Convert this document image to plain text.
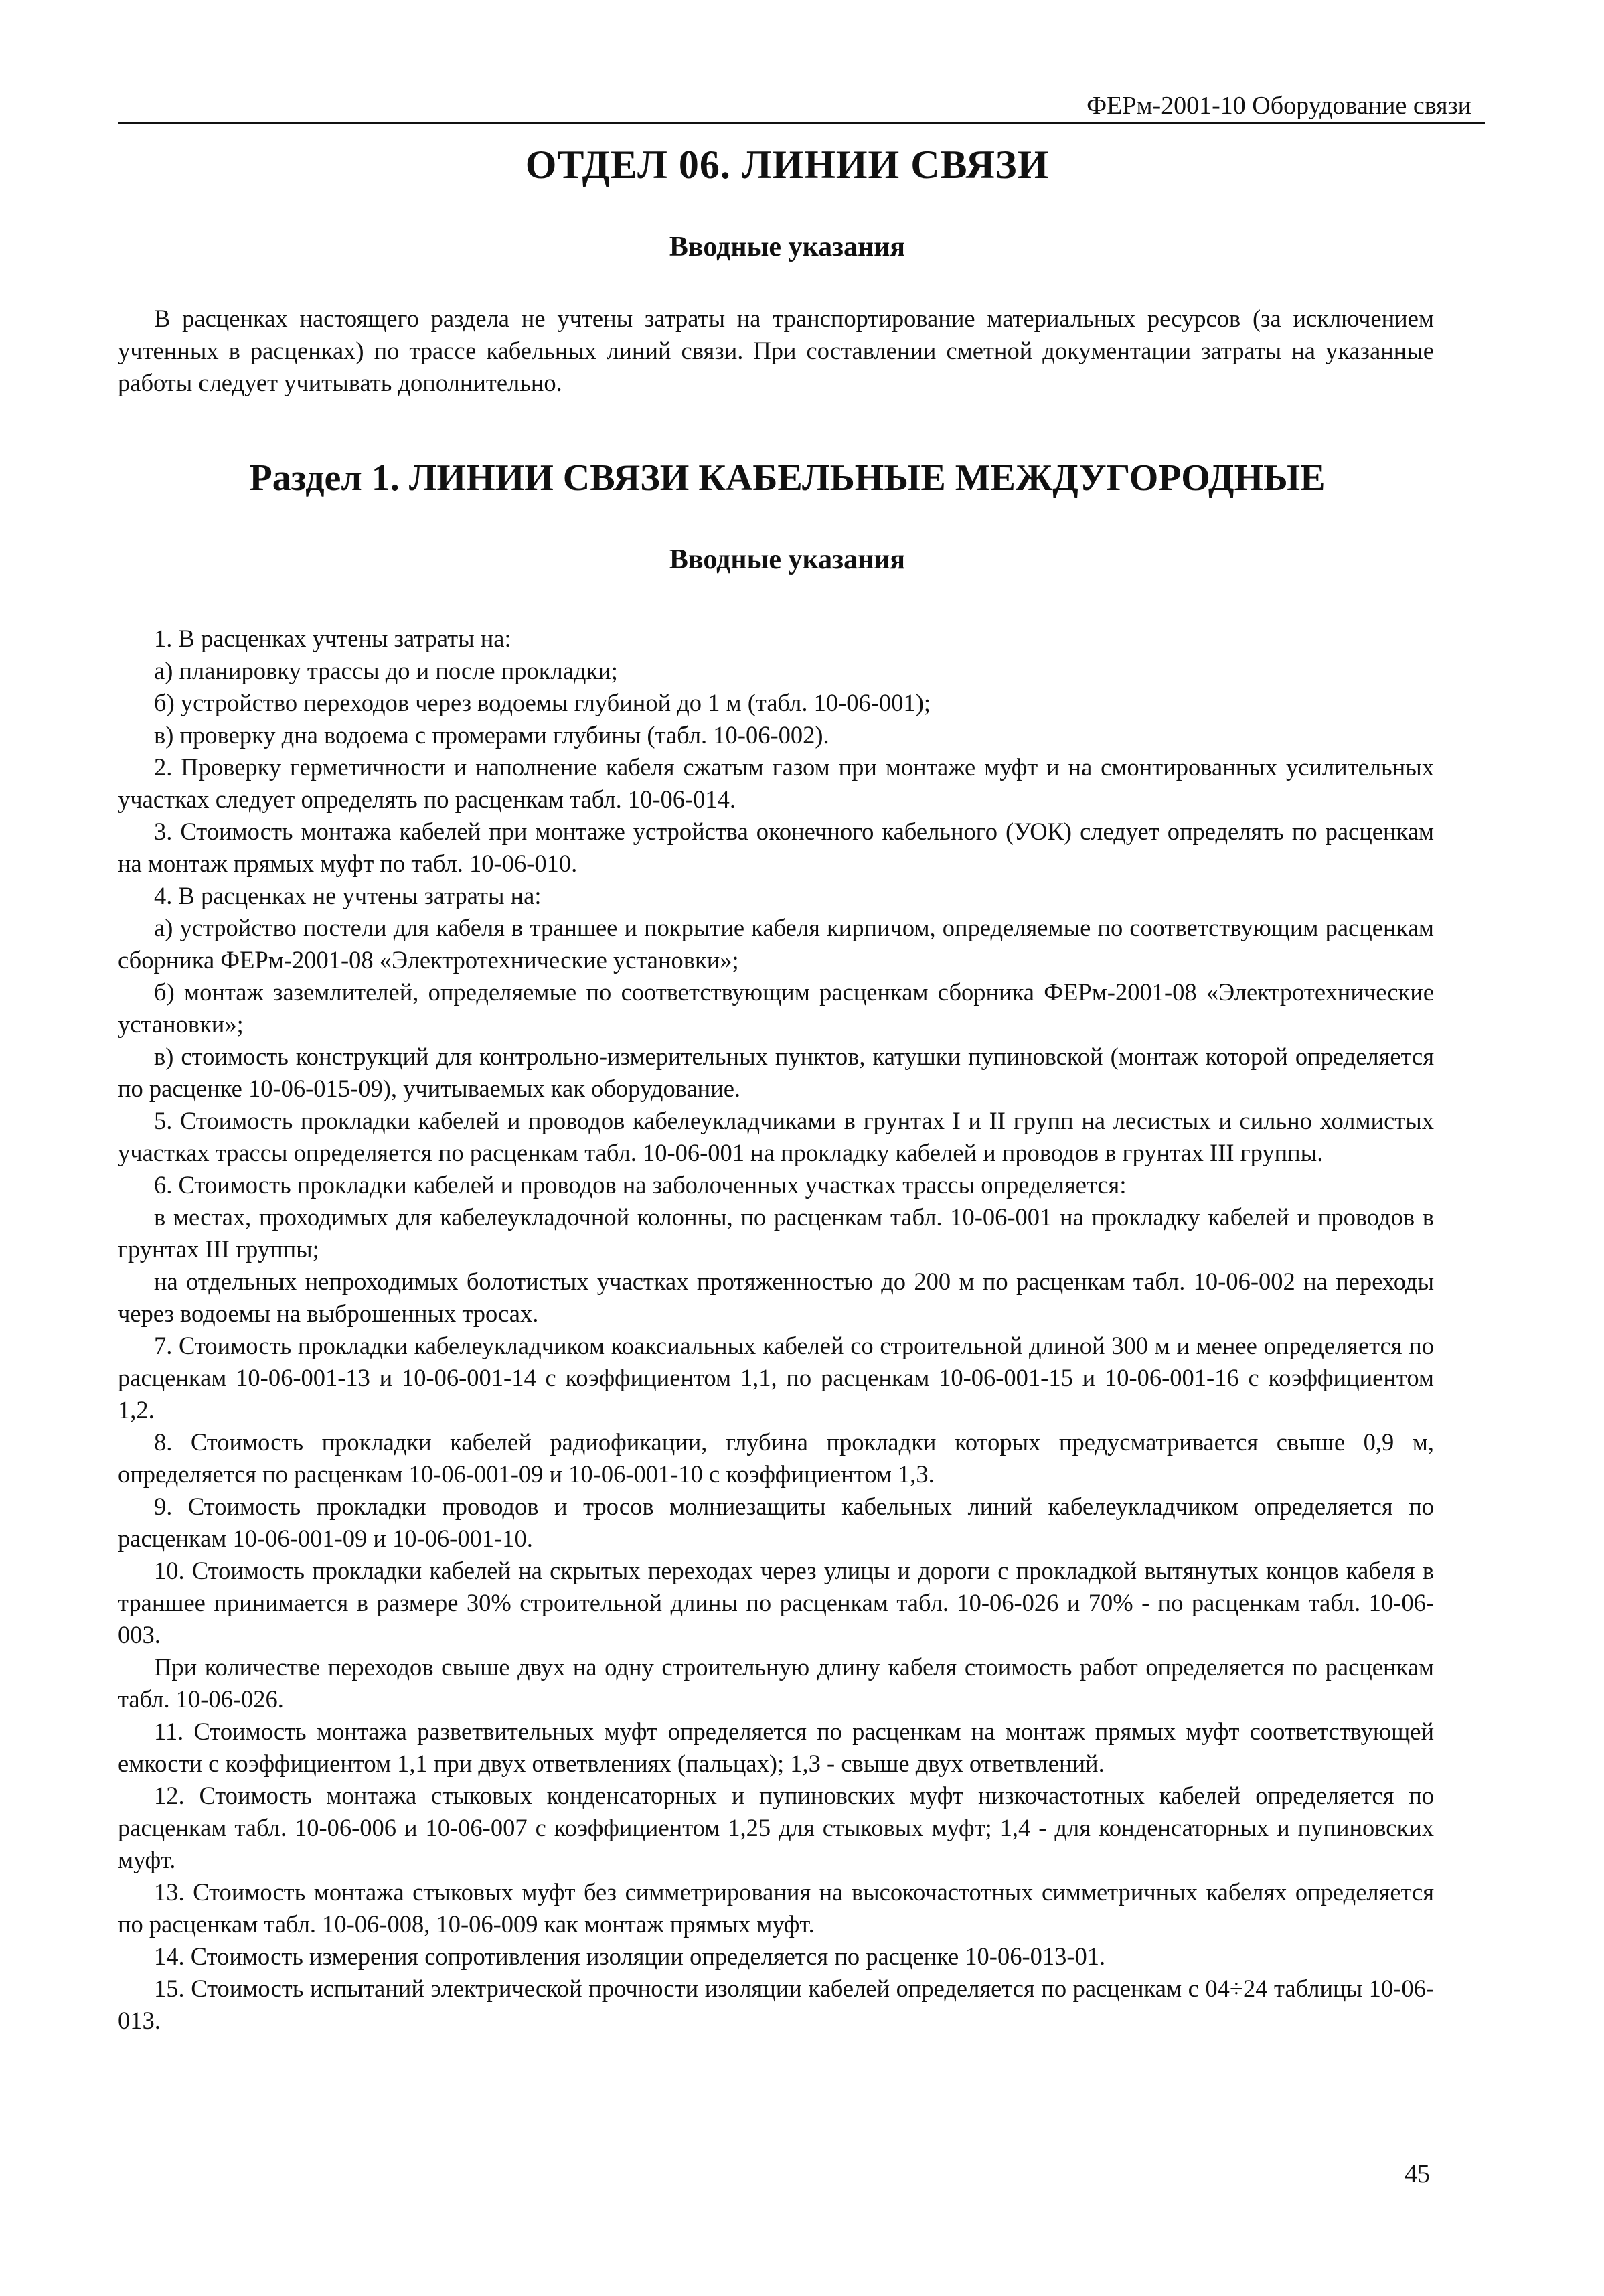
ФЕРм-2001-10 Оборудование связи
ОТДЕЛ 06. ЛИНИИ СВЯЗИ
Вводные указания

В расценках настоящего раздела не учтены затраты на транспортирование материальных ресурсов (за исключением учтенных в расценках) по трассе кабельных линий связи. При составлении сметной документации затраты на указанные работы следует учитывать дополнительно.

Раздел 1. ЛИНИИ СВЯЗИ КАБЕЛЬНЫЕ МЕЖДУГОРОДНЫЕ
Вводные указания

1. В расценках учтены затраты на:

а) планировку трассы до и после прокладки;

б) устройство переходов через водоемы глубиной до 1 м (табл. 10-06-001);

в) проверку дна водоема с промерами глубины (табл. 10-06-002).

2. Проверку герметичности и наполнение кабеля сжатым газом при монтаже муфт и на смонтированных усилительных участках следует определять по расценкам табл. 10-06-014.

3. Стоимость монтажа кабелей при монтаже устройства оконечного кабельного (УОК) следует определять по расценкам на монтаж прямых муфт по табл. 10-06-010.

4. В расценках не учтены затраты на:

а) устройство постели для кабеля в траншее и покрытие кабеля кирпичом, определяемые по соответствующим расценкам сборника ФЕРм-2001-08 «Электротехнические установки»;

б) монтаж заземлителей, определяемые по соответствующим расценкам сборника ФЕРм-2001-08 «Электротехнические установки»;

в) стоимость конструкций для контрольно-измерительных пунктов, катушки пупиновской (монтаж которой определяется по расценке 10-06-015-09), учитываемых как оборудование.

5. Стоимость прокладки кабелей и проводов кабелеукладчиками в грунтах I и II групп на лесистых и сильно холмистых участках трассы определяется по расценкам табл. 10-06-001 на прокладку кабелей и проводов в грунтах III группы.

6. Стоимость прокладки кабелей и проводов на заболоченных участках трассы определяется:

в местах, проходимых для кабелеукладочной колонны, по расценкам табл. 10-06-001 на прокладку кабелей и проводов в грунтах III группы;

на отдельных непроходимых болотистых участках протяженностью до 200 м по расценкам табл. 10-06-002 на переходы через водоемы на выброшенных тросах.

7. Стоимость прокладки кабелеукладчиком коаксиальных кабелей со строительной длиной 300 м и менее определяется по расценкам 10-06-001-13 и 10-06-001-14 с коэффициентом 1,1, по расценкам 10-06-001-15 и 10-06-001-16 с коэффициентом 1,2.

8. Стоимость прокладки кабелей радиофикации, глубина прокладки которых предусматривается свыше 0,9 м, определяется по расценкам 10-06-001-09 и 10-06-001-10 с коэффициентом 1,3.

9. Стоимость прокладки проводов и тросов молниезащиты кабельных линий кабелеукладчиком определяется по расценкам 10-06-001-09 и 10-06-001-10.

10. Стоимость прокладки кабелей на скрытых переходах через улицы и дороги с прокладкой вытянутых концов кабеля в траншее принимается в размере 30% строительной длины по расценкам табл. 10-06-026 и 70% - по расценкам табл. 10-06-003.

При количестве переходов свыше двух на одну строительную длину кабеля стоимость работ определяется по расценкам табл. 10-06-026.

11. Стоимость монтажа разветвительных муфт определяется по расценкам на монтаж прямых муфт соответствующей емкости с коэффициентом 1,1 при двух ответвлениях (пальцах); 1,3 - свыше двух ответвлений.

12. Стоимость монтажа стыковых конденсаторных и пупиновских муфт низкочастотных кабелей определяется по расценкам табл. 10-06-006 и 10-06-007 с коэффициентом 1,25 для стыковых муфт; 1,4 - для конденсаторных и пупиновских муфт.

13. Стоимость монтажа стыковых муфт без симметрирования на высокочастотных симметричных кабелях определяется по расценкам табл. 10-06-008, 10-06-009 как монтаж прямых муфт.

14. Стоимость измерения сопротивления изоляции определяется по расценке 10-06-013-01.

15. Стоимость испытаний электрической прочности изоляции кабелей определяется по расценкам с 04÷24 таблицы 10-06-013.

45
